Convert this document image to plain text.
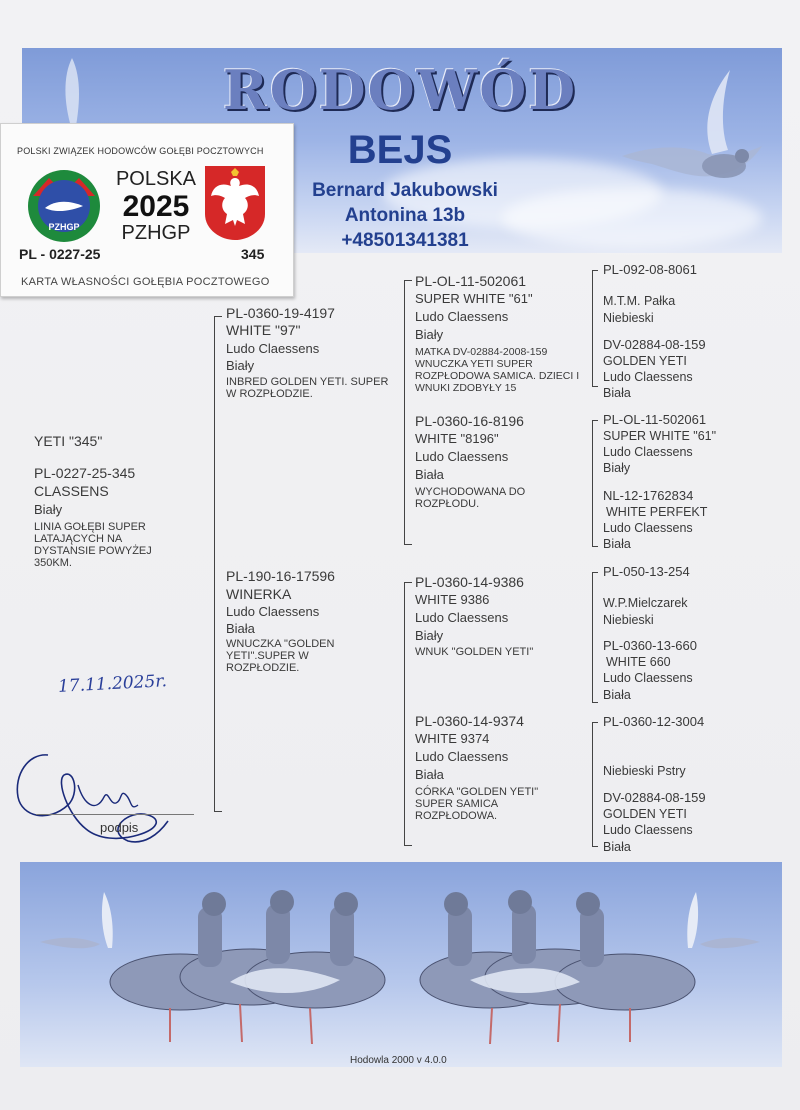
RODOWÓD
BEJS
Bernard Jakubowski
Antonina 13b
+48501341381
POLSKI ZWIĄZEK HODOWCÓW GOŁĘBI POCZTOWYCH
PZHGP
POLSKA
2025
PZHGP
PL - 0227-25	345
KARTA WŁASNOŚCI GOŁĘBIA POCZTOWEGO
YETI "345"
PL-0227-25-345
CLASSENS
Biały
LINIA GOŁĘBI SUPER LATAJĄCYCH NA DYSTANSIE POWYŻEJ 350KM.
PL-0360-19-4197
WHITE "97"
Ludo Claessens
Biały
INBRED GOLDEN YETI. SUPER W ROZPŁODZIE.
PL-190-16-17596
WINERKA
Ludo Claessens
Biała
WNUCZKA "GOLDEN YETI".SUPER W ROZPŁODZIE.
PL-OL-11-502061
SUPER WHITE "61"
Ludo Claessens
Biały
MATKA DV-02884-2008-159 WNUCZKA YETI SUPER ROZPŁODOWA SAMICA. DZIECI I WNUKI ZDOBYŁY 15
PL-0360-16-8196
WHITE "8196"
Ludo Claessens
Biała
WYCHODOWANA DO ROZPŁODU.
PL-0360-14-9386
WHITE 9386
Ludo Claessens
Biały
WNUK "GOLDEN YETI"
PL-0360-14-9374
WHITE 9374
Ludo Claessens
Biała
CÓRKA "GOLDEN YETI" SUPER SAMICA ROZPŁODOWA.
PL-092-08-8061
M.T.M. Pałka
Niebieski
DV-02884-08-159
GOLDEN YETI
Ludo Claessens
Biała
PL-OL-11-502061
SUPER WHITE "61"
Ludo Claessens
Biały
NL-12-1762834
WHITE PERFEKT
Ludo Claessens
Biała
PL-050-13-254
W.P.Mielczarek
Niebieski
PL-0360-13-660
WHITE 660
Ludo Claessens
Biała
PL-0360-12-3004
Niebieski Pstry
DV-02884-08-159
GOLDEN YETI
Ludo Claessens
Biała
17.11.2025r.
podpis
Hodowla 2000 v 4.0.0
